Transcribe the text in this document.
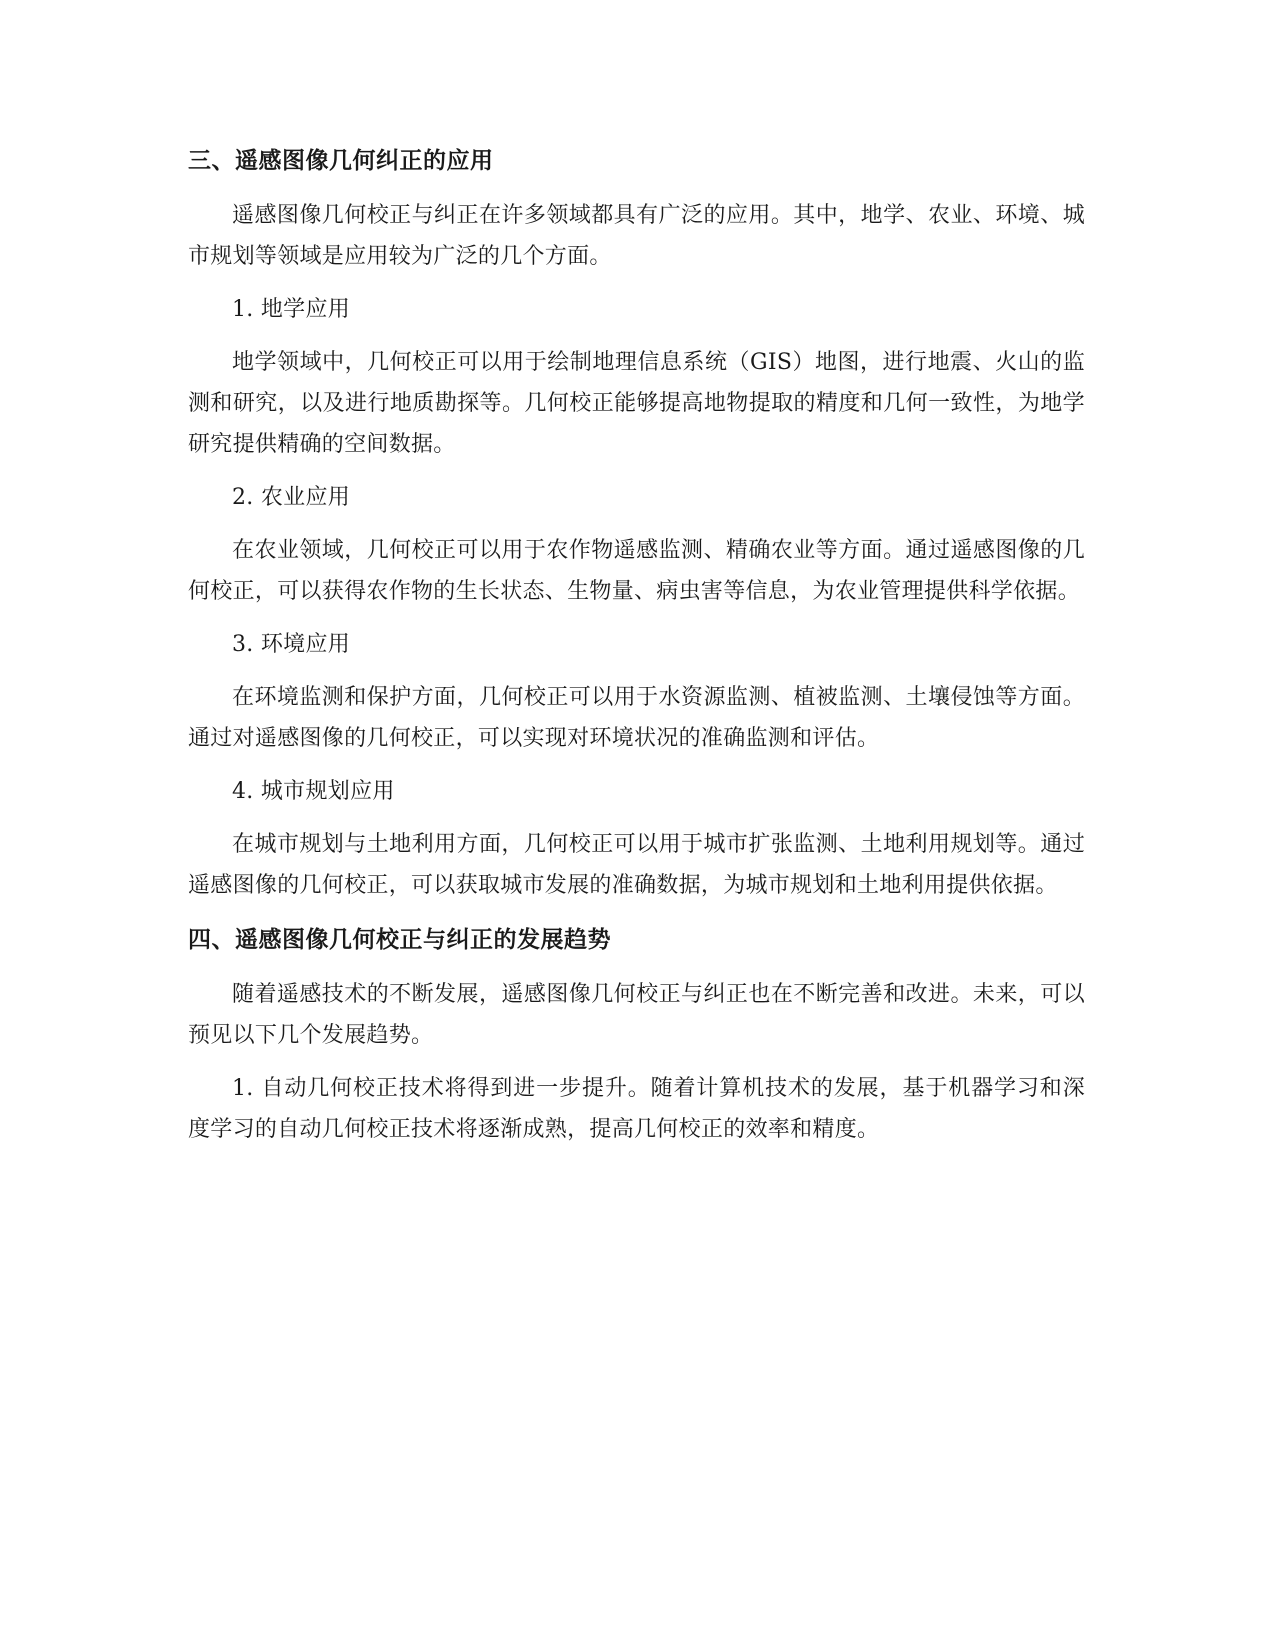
三、遥感图像几何纠正的应用

遥感图像几何校正与纠正在许多领域都具有广泛的应用。其中，地学、农业、环境、城市规划等领域是应用较为广泛的几个方面。

1. 地学应用

地学领域中，几何校正可以用于绘制地理信息系统（GIS）地图，进行地震、火山的监测和研究，以及进行地质勘探等。几何校正能够提高地物提取的精度和几何一致性，为地学研究提供精确的空间数据。

2. 农业应用

在农业领域，几何校正可以用于农作物遥感监测、精确农业等方面。通过遥感图像的几何校正，可以获得农作物的生长状态、生物量、病虫害等信息，为农业管理提供科学依据。

3. 环境应用

在环境监测和保护方面，几何校正可以用于水资源监测、植被监测、土壤侵蚀等方面。通过对遥感图像的几何校正，可以实现对环境状况的准确监测和评估。

4. 城市规划应用

在城市规划与土地利用方面，几何校正可以用于城市扩张监测、土地利用规划等。通过遥感图像的几何校正，可以获取城市发展的准确数据，为城市规划和土地利用提供依据。

四、遥感图像几何校正与纠正的发展趋势

随着遥感技术的不断发展，遥感图像几何校正与纠正也在不断完善和改进。未来，可以预见以下几个发展趋势。

1. 自动几何校正技术将得到进一步提升。随着计算机技术的发展，基于机器学习和深度学习的自动几何校正技术将逐渐成熟，提高几何校正的效率和精度。
